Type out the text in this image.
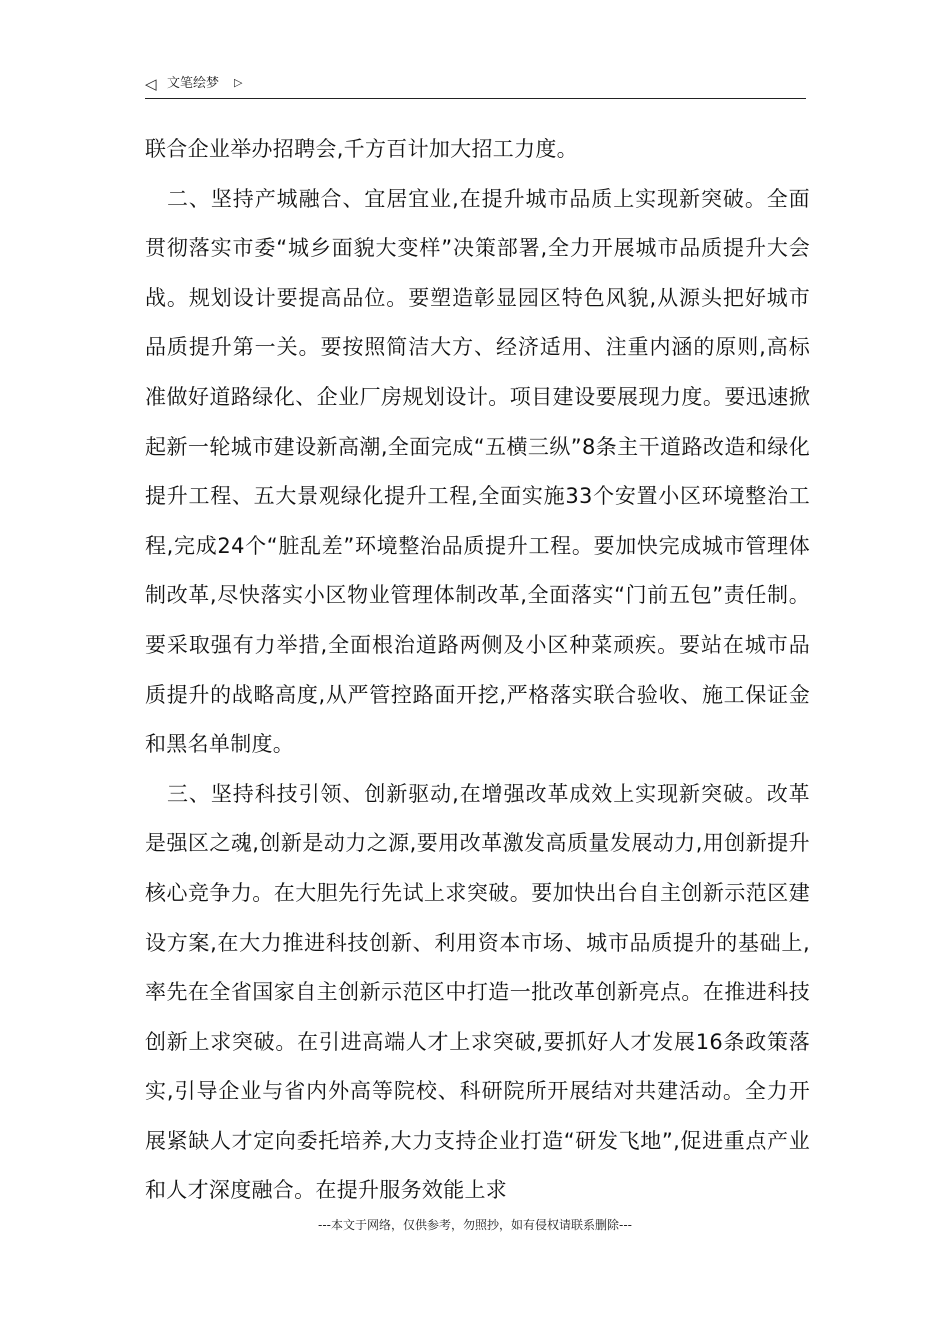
◁ 文笔绘梦 ▷

联合企业举办招聘会,千方百计加大招工力度。

二、坚持产城融合、宜居宜业,在提升城市品质上实现新突破。全面贯彻落实市委“城乡面貌大变样”决策部署,全力开展城市品质提升大会战。规划设计要提高品位。要塑造彰显园区特色风貌,从源头把好城市品质提升第一关。要按照简洁大方、经济适用、注重内涵的原则,高标准做好道路绿化、企业厂房规划设计。项目建设要展现力度。要迅速掀起新一轮城市建设新高潮,全面完成“五横三纵”8条主干道路改造和绿化提升工程、五大景观绿化提升工程,全面实施33个安置小区环境整治工程,完成24个“脏乱差”环境整治品质提升工程。要加快完成城市管理体制改革,尽快落实小区物业管理体制改革,全面落实“门前五包”责任制。要采取强有力举措,全面根治道路两侧及小区种菜顽疾。要站在城市品质提升的战略高度,从严管控路面开挖,严格落实联合验收、施工保证金和黑名单制度。

三、坚持科技引领、创新驱动,在增强改革成效上实现新突破。改革是强区之魂,创新是动力之源,要用改革激发高质量发展动力,用创新提升核心竞争力。在大胆先行先试上求突破。要加快出台自主创新示范区建设方案,在大力推进科技创新、利用资本市场、城市品质提升的基础上,率先在全省国家自主创新示范区中打造一批改革创新亮点。在推进科技创新上求突破。在引进高端人才上求突破,要抓好人才发展16条政策落实,引导企业与省内外高等院校、科研院所开展结对共建活动。全力开展紧缺人才定向委托培养,大力支持企业打造“研发飞地”,促进重点产业和人才深度融合。在提升服务效能上求

---本文于网络，仅供参考，勿照抄，如有侵权请联系删除---
